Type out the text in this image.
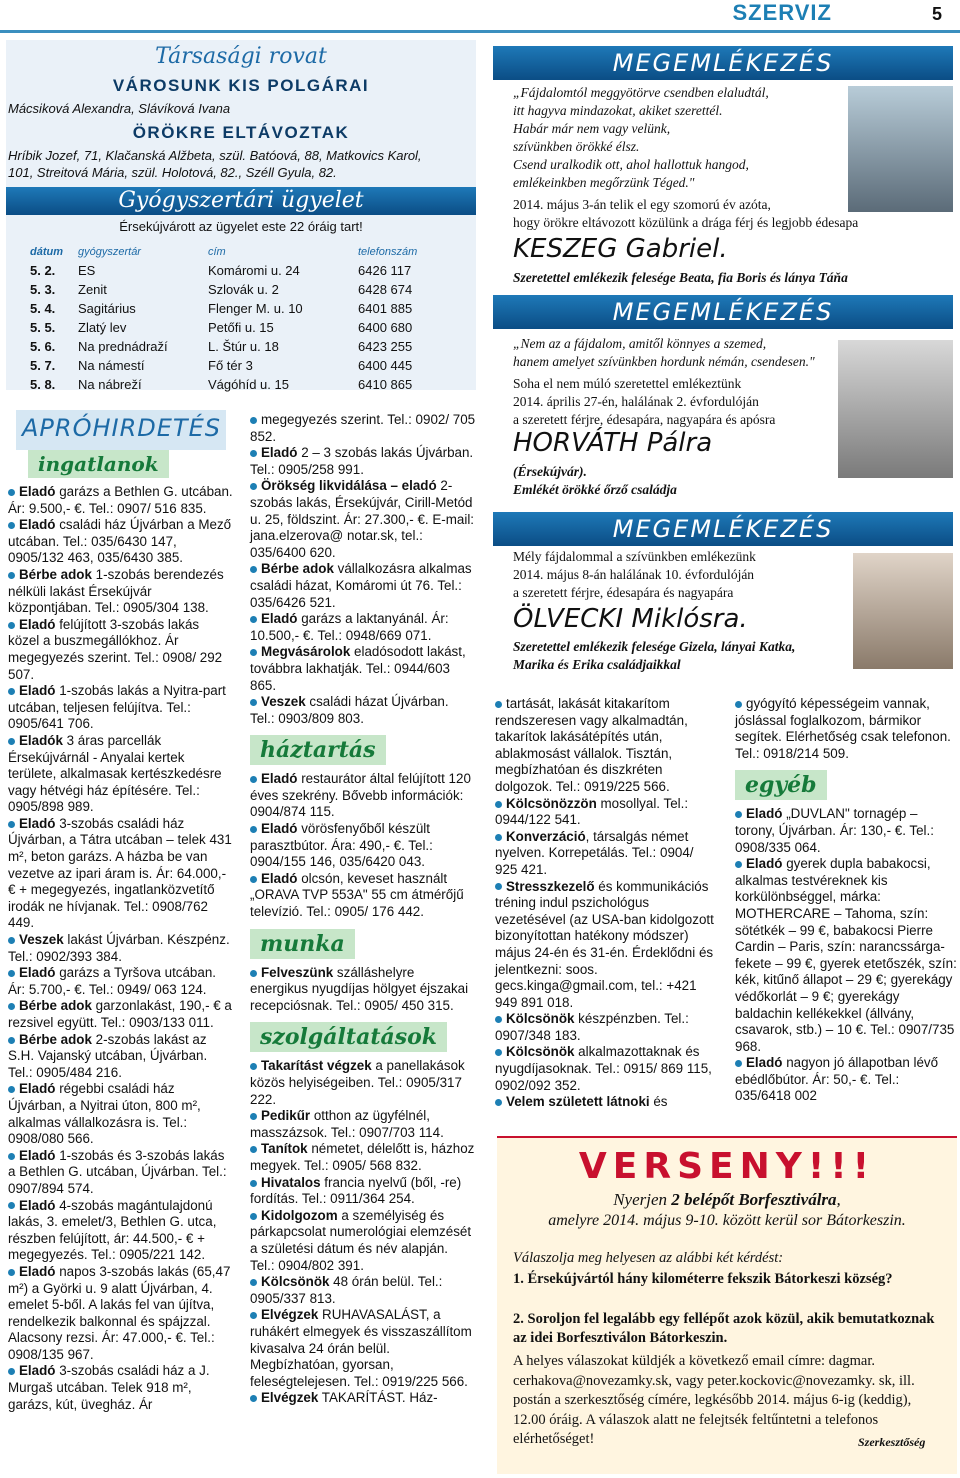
SZERVIZ	5
Társasági rovat
VÁROSUNK KIS POLGÁRAI
Mácsiková Alexandra, Slávíková Ivana
ÖRÖKRE ELTÁVOZTAK
Hríbik Jozef, 71, Klačanská Alžbeta, szül. Batóová, 88, Matkovics Karol,
101, Streitová Mária, szül. Holotová, 82., Széll Gyula, 82.
Gyógyszertári ügyelet
Érsekújvárott az ügyelet este 22 óráig tart!
dátum	gyógyszertár	cím	telefonszám
5. 2.	ES	Komáromi u. 24	6426 117
5. 3.	Zenit	Szlovák u. 2	6428 674
5. 4.	Sagitárius	Flenger M. u. 10	6401 885
5. 5.	Zlatý lev	Petőfi u. 15	6400 680
5. 6.	Na prednádraží	L. Štúr u. 18	6423 255
5. 7.	Na námestí	Fő tér 3	6400 445
5. 8.	Na nábreží	Vágóhíd u. 15	6410 865
APRÓHIRDETÉS
ingatlanok

Eladó garázs a Bethlen G. utcában. Ár: 9.500,- €. Tel.: 0907/ 516 835.

Eladó családi ház Újvárban a Mező utcában. Tel.: 035/6430 147, 0905/132 463, 035/6430 385.

Bérbe adok 1-szobás berendezés nélküli lakást Érsekújvár központjában. Tel.: 0905/304 138.

Eladó felújított 3-szobás lakás közel a buszmegállókhoz. Ár megegyezés szerint. Tel.: 0908/ 292 507.

Eladó 1-szobás lakás a Nyitra-part utcában, teljesen felújítva. Tel.: 0905/641 706.

Eladók 3 áras parcellák Érsekújvárnál - Anyalai kertek területe, alkalmasak kertészkedésre vagy hétvégi ház építésére. Tel.: 0905/898 989.

Eladó 3-szobás családi ház Újvárban, a Tátra utcában – telek 431 m², beton garázs. A házba be van vezetve az ipari áram is. Ár: 64.000,- € + megegyezés, ingatlanközvetítő irodák ne hívjanak. Tel.: 0908/762 449.

Veszek lakást Újvárban. Készpénz. Tel.: 0902/393 384.

Eladó garázs a Tyršova utcában. Ár: 5.700,- €. Tel.: 0949/ 063 124.

Bérbe adok garzonlakást, 190,- € a rezsivel együtt. Tel.: 0903/133 011.

Bérbe adok 2-szobás lakást az S.H. Vajanský utcában, Újvárban. Tel.: 0905/484 216.

Eladó régebbi családi ház Újvárban, a Nyitrai úton, 800 m², alkalmas vállalkozásra is. Tel.: 0908/080 566.

Eladó 1-szobás és 3-szobás lakás a Bethlen G. utcában, Újvárban. Tel.: 0907/894 574.

Eladó 4-szobás magántulajdonú lakás, 3. emelet/3, Bethlen G. utca, részben felújított, ár: 44.500,- € + megegyezés. Tel.: 0905/221 142.

Eladó napos 3-szobás lakás (65,47 m²) a Györki u. 9 alatt Újvárban, 4. emelet 5-ből. A lakás fel van újítva, rendelkezik balkonnal és spájzzal. Alacsony rezsi. Ár: 47.000,- €. Tel.: 0908/135 967.

Eladó 3-szobás családi ház a J. Murgaš utcában. Telek 918 m², garázs, kút, üvegház. Ár

megegyezés szerint. Tel.: 0902/ 705 852.

Eladó 2 – 3 szobás lakás Újvárban. Tel.: 0905/258 991.

Örökség likvidálása – eladó 2-szobás lakás, Érsekújvár, Cirill-Metód u. 25, földszint. Ár: 27.300,- €. E-mail: jana.elzerova@ notar.sk, tel.: 035/6400 620.

Bérbe adok vállalkozásra alkalmas családi házat, Komáromi út 76. Tel.: 035/6426 521.

Eladó garázs a laktanyánál. Ár: 10.500,- €. Tel.: 0948/669 071.

Megvásárolok eladósodott lakást, továbbra lakhatják. Tel.: 0944/603 865.

Veszek családi házat Újvárban. Tel.: 0903/809 803.

háztartás

Eladó restaurátor által felújított 120 éves szekrény. Bővebb információk: 0904/874 115.

Eladó vörösfenyőből készült parasztbútor. Ára: 490,- €. Tel.: 0904/155 146, 035/6420 043.

Eladó olcsón, keveset használt „ORAVA TVP 553A" 55 cm átmérőjű televízió. Tel.: 0905/ 176 442.

munka

Felveszünk szálláshelyre energikus nyugdíjas hölgyet éjszakai recepciósnak. Tel.: 0905/ 450 315.

szolgáltatások

Takarítást végzek a panellakások közös helyiségeiben. Tel.: 0905/317 222.

Pedikűr otthon az ügyfélnél, masszázsok. Tel.: 0907/703 114.

Tanítok németet, délelőtt is, házhoz megyek. Tel.: 0905/ 568 832.

Hivatalos francia nyelvű (ből, -re) fordítás. Tel.: 0911/364 254.

Kidolgozom a személyiség és párkapcsolat numerológiai elemzését a születési dátum és név alapján. Tel.: 0904/802 391.

Kölcsönök 48 órán belül. Tel.: 0905/337 813.

Elvégzek RUHAVASALÁST, a ruhákért elmegyek és visszaszállítom kivasalva 24 órán belül. Megbízhatóan, gyorsan, feleségtelejesen. Tel.: 0919/225 566.

Elvégzek TAKARÍTÁST. Ház-

MEGEMLÉKEZÉS
„Fájdalomtól meggyötörve csendben elaludtál,
itt hagyva mindazokat, akiket szerettél.
Habár már nem vagy velünk,
szívünkben örökké élsz.
Csend uralkodik ott, ahol hallottuk hangod,
emlékeinkben megőrzünk Téged."
2014. május 3-án telik el egy szomorú év azóta,
hogy örökre eltávozott közülünk a drága férj és legjobb édesapa
KESZEG Gabriel.
Szeretettel emlékezik felesége Beata, fia Boris és lánya Táňa
MEGEMLÉKEZÉS
„Nem az a fájdalom, amitől könnyes a szemed,
hanem amelyet szívünkben hordunk némán, csendesen."
Soha el nem múló szeretettel emlékeztünk
2014. április 27-én, halálának 2. évfordulóján
a szeretett férjre, édesapára, nagyapára és apósra
HORVÁTH Pálra
(Érsekújvár).
Emlékét örökké őrző családja
MEGEMLÉKEZÉS
Mély fájdalommal a szívünkben emlékezünk
2014. május 8-án halálának 10. évfordulóján
a szeretett férjre, édesapára és nagyapára
ÖLVECKI Miklósra.
Szeretettel emlékezik felesége Gizela, lányai Katka,
Marika és Erika családjaikkal

tartását, lakását kitakarítom rendszeresen vagy alkalmadtán, takarítok lakásátépítés után, ablakmosást vállalok. Tisztán, megbízhatóan és diszkréten dolgozok. Tel.: 0919/225 566.

Kölcsönözzön mosollyal. Tel.: 0944/122 541.

Konverzáció, társalgás német nyelven. Korrepetálás. Tel.: 0904/ 925 421.

Stresszkezelő és kommunikációs tréning indul pszichológus vezetésével (az USA-ban kidolgozott bizonyítottan hatékony módszer) május 24-én és 31-én. Érdeklődni és jelentkezni: soos. gecs.kinga@gmail.com, tel.: +421 949 891 018.

Kölcsönök készpénzben. Tel.: 0907/348 183.

Kölcsönök alkalmazottaknak és nyugdíjasoknak. Tel.: 0915/ 869 115, 0902/092 352.

Velem született látnoki és

gyógyító képességeim vannak, jóslással foglalkozom, bármikor segítek. Elérhetőség csak telefonon. Tel.: 0918/214 509.

egyéb

Eladó „DUVLAN" tornagép – torony, Újvárban. Ár: 130,- €. Tel.: 0908/335 064.

Eladó gyerek dupla babakocsi, alkalmas testvéreknek kis korkülönbséggel, márka: MOTHERCARE – Tahoma, szín: sötétkék – 99 €, babakocsi Pierre Cardin – Paris, szín: narancssárga-fekete – 99 €, gyerek etetőszék, szín: kék, kitűnő állapot – 29 €; gyerekágy védőkorlát – 9 €; gyerekágy baldachin kellékekkel (állvány, csavarok, stb.) – 10 €. Tel.: 0907/735 968.

Eladó nagyon jó állapotban lévő ebédlőbútor. Ár: 50,- €. Tel.: 035/6418 002

VERSENY!!!
Nyerjen 2 belépőt Borfesztiválra,
amelyre 2014. május 9-10. között kerül sor Bátorkeszin.
Válaszolja meg helyesen az alábbi két kérdést:
1. Érsekújvártól hány kilométerre fekszik Bátorkeszi község?
2. Soroljon fel legalább egy fellépőt azok közül, akik bemutatkoznak az idei Borfesztiválon Bátorkeszin.
A helyes válaszokat küldjék a következő email címre: dagmar. cerhakova@novezamky.sk, vagy peter.kockovic@novezamky. sk, ill. postán a szerkesztőség címére, legkésőbb 2014. május 6-ig (keddig), 12.00 óráig. A válaszok alatt ne felejtsék feltűntetni a telefonos elérhetőséget!	Szerkesztőség
